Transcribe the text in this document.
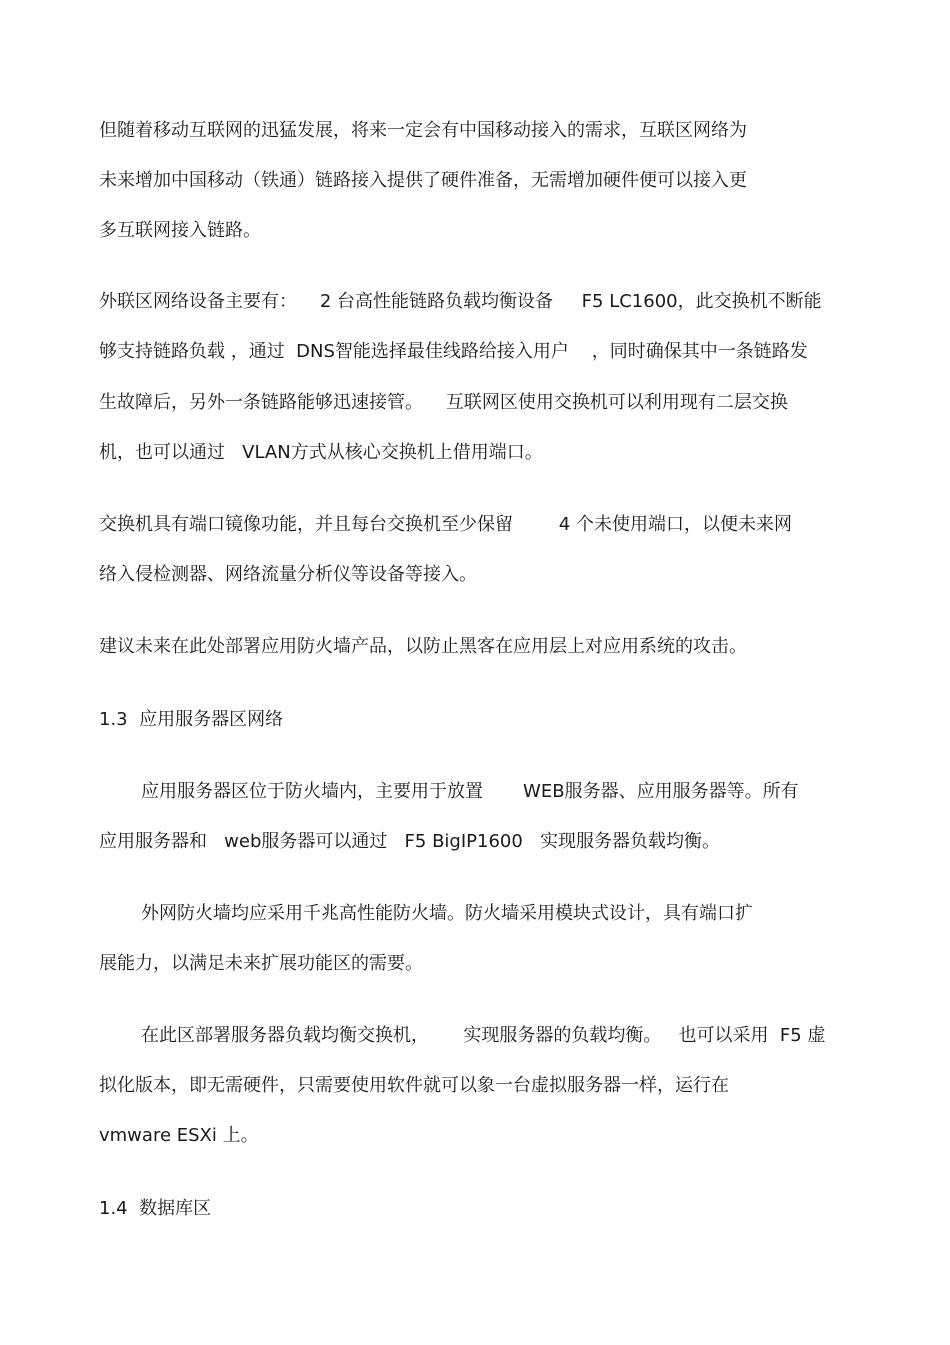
但随着移动互联网的迅猛发展，将来一定会有中国移动接入的需求，互联区网络为
未来增加中国移动（铁通）链路接入提供了硬件准备，无需增加硬件便可以接入更
多互联网接入链路。
外联区网络设备主要有：    2 台高性能链路负载均衡设备     F5 LC1600，此交换机不断能
够支持链路负载 ，通过  DNS智能选择最佳线路给接入用户    ，同时确保其中一条链路发
生故障后，另外一条链路能够迅速接管。    互联网区使用交换机可以利用现有二层交换
机，也可以通过   VLAN方式从核心交换机上借用端口。
交换机具有端口镜像功能，并且每台交换机至少保留        4 个未使用端口，以便未来网
络入侵检测器、网络流量分析仪等设备等接入。
建议未来在此处部署应用防火墙产品，以防止黑客在应用层上对应用系统的攻击。
1.3  应用服务器区网络
应用服务器区位于防火墙内，主要用于放置       WEB服务器、应用服务器等。所有
应用服务器和   web服务器可以通过   F5 BigIP1600   实现服务器负载均衡。
外网防火墙均应采用千兆高性能防火墙。防火墙采用模块式设计，具有端口扩
展能力，以满足未来扩展功能区的需要。
在此区部署服务器负载均衡交换机，      实现服务器的负载均衡。   也可以采用  F5 虚
拟化版本，即无需硬件，只需要使用软件就可以象一台虚拟服务器一样，运行在
vmware ESXi 上。
1.4  数据库区
